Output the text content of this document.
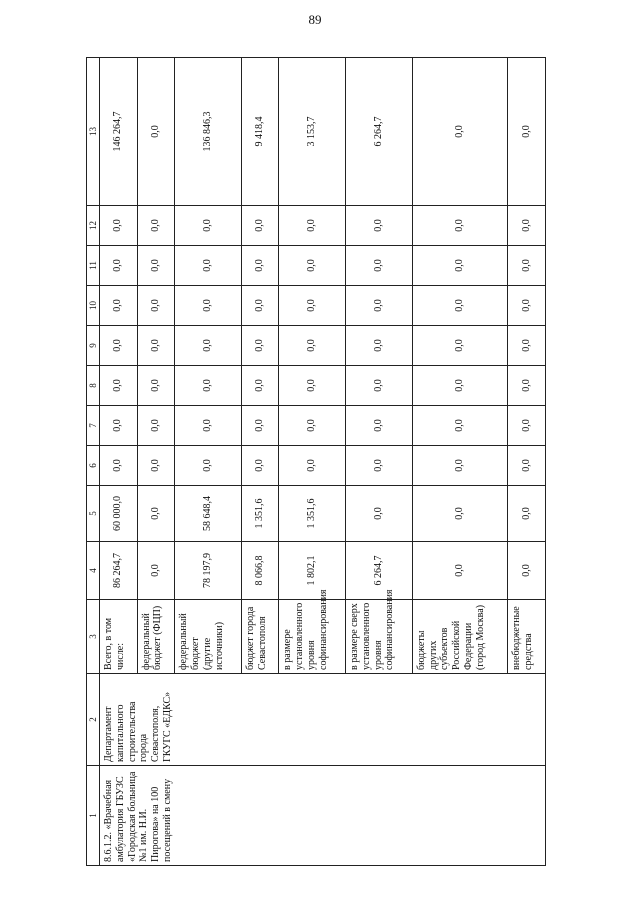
89
1	2	3	4	5	6	7	8	9	10	11	12	13
8.6.1.2. «Врачебная амбулатория ГБУЗС «Городская больница №1 им. Н.И. Пирогова» на 100 посещений в смену	Департамент капитального строительства города Севастополя, ГКУГС «ЕДКС»	Всего, в том числе:	86 264,7	60 000,0	0,0	0,0	0,0	0,0	0,0	0,0	0,0	146 264,7
		федеральный бюджет (ФЦП)	0,0	0,0	0,0	0,0	0,0	0,0	0,0	0,0	0,0	0,0
		федеральный бюджет (другие источники)	78 197,9	58 648,4	0,0	0,0	0,0	0,0	0,0	0,0	0,0	136 846,3
		бюджет города Севастополя	8 066,8	1 351,6	0,0	0,0	0,0	0,0	0,0	0,0	0,0	9 418,4
		в размере установленного уровня софинансирования	1 802,1	1 351,6	0,0	0,0	0,0	0,0	0,0	0,0	0,0	3 153,7
		в размере сверх установленного уровня софинансирования	6 264,7	0,0	0,0	0,0	0,0	0,0	0,0	0,0	0,0	6 264,7
		бюджеты других субъектов Российской Федерации (город Москва)	0,0	0,0	0,0	0,0	0,0	0,0	0,0	0,0	0,0	0,0
		внебюджетные средства	0,0	0,0	0,0	0,0	0,0	0,0	0,0	0,0	0,0	0,0
